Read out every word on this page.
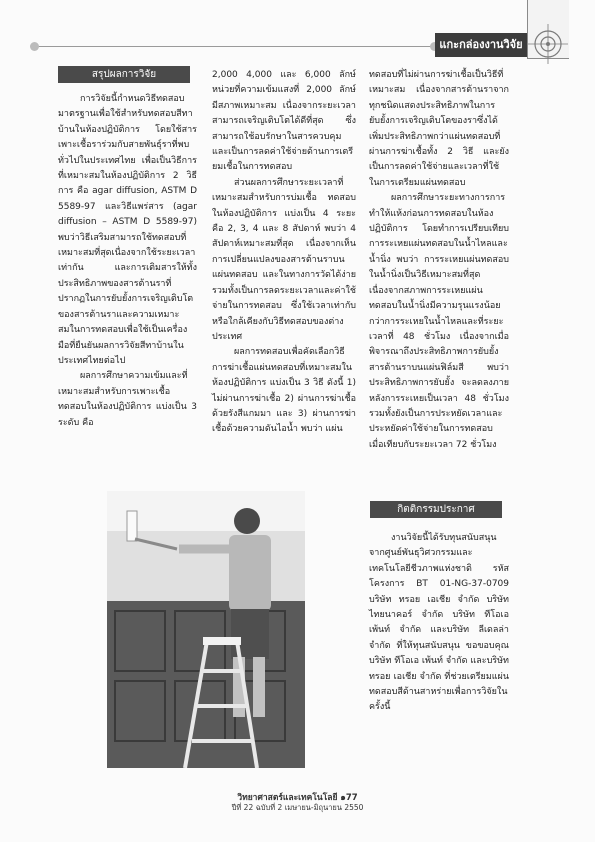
แกะกล่องงานวิจัย
สรุปผลการวิจัย

การวิจัยนี้กำหนดวิธีทดสอบมาตรฐานเพื่อใช้สำหรับทดสอบสีทาบ้านในห้องปฏิบัติการ โดยใช้สารเพาะเชื้อราร่วมกับสายพันธุ์ราที่พบทั่วไปในประเทศไทย เพื่อเป็นวิธีการที่เหมาะสมในห้องปฏิบัติการ 2 วิธีการ คือ agar diffusion, ASTM D 5589-97 และวิธีแพร่สาร (agar diffusion – ASTM D 5589-97) พบว่าวิธีเสริมสามารถใช้ทดสอบที่เหมาะสมที่สุดเนื่องจากใช้ระยะเวลาเท่ากัน และการเติมสารให้ทั้งประสิทธิภาพของสารต้านราที่ปรากฏในการยับยั้งการเจริญเติบโตของสารต้านราและความเหมาะสมในการทดสอบเพื่อใช้เป็นเครื่องมือที่ยืนยันผลการวิจัยสีทาบ้านในประเทศไทยต่อไป

ผลการศึกษาความเข้มและที่เหมาะสมสำหรับการเพาะเชื้อทดสอบในห้องปฏิบัติการ แบ่งเป็น 3 ระดับ คือ

2,000 4,000 และ 6,000 ลักษ์ หน่วยที่ความเข้มแสงที่ 2,000 ลักษ์ มีสภาพเหมาะสม เนื่องจากระยะเวลาสามารถเจริญเติบโตได้ดีที่สุด ซึ่งสามารถใช้อบรักษาในสารควบคุมและเป็นการลดค่าใช้จ่ายด้านการเตรียมเชื้อในการทดสอบ

ส่วนผลการศึกษาระยะเวลาที่เหมาะสมสำหรับการบ่มเชื้อ ทดสอบในห้องปฏิบัติการ แบ่งเป็น 4 ระยะ คือ 2, 3, 4 และ 8 สัปดาห์ พบว่า 4 สัปดาห์เหมาะสมที่สุด เนื่องจากเห็นการเปลี่ยนแปลงของสารต้านราบนแผ่นทดสอบ และในทางการวัดได้ง่าย รวมทั้งเป็นการลดระยะเวลาและค่าใช้จ่ายในการทดสอบ ซึ่งใช้เวลาเท่ากับหรือใกล้เคียงกับวิธีทดสอบของต่างประเทศ

ผลการทดสอบเพื่อคัดเลือกวิธีการฆ่าเชื้อแผ่นทดสอบที่เหมาะสมในห้องปฏิบัติการ แบ่งเป็น 3 วิธี ดังนี้ 1) ไม่ผ่านการฆ่าเชื้อ 2) ผ่านการฆ่าเชื้อด้วยรังสีแกมมา และ 3) ผ่านการฆ่าเชื้อด้วยความดันไอน้ำ พบว่า แผ่น

ทดสอบที่ไม่ผ่านการฆ่าเชื้อเป็นวิธีที่เหมาะสม เนื่องจากสารต้านราจากทุกชนิดแสดงประสิทธิภาพในการยับยั้งการเจริญเติบโตของราซึ่งได้เพิ่มประสิทธิภาพกว่าแผ่นทดสอบที่ผ่านการฆ่าเชื้อทั้ง 2 วิธี และยังเป็นการลดค่าใช้จ่ายและเวลาที่ใช้ในการเตรียมแผ่นทดสอบ

ผลการศึกษาระยะทางการการทำให้แห้งก่อนการทดสอบในห้องปฏิบัติการ โดยทำการเปรียบเทียบการระเหยแผ่นทดสอบในน้ำไหลและน้ำนิ่ง พบว่า การระเหยแผ่นทดสอบในน้ำนิ่งเป็นวิธีเหมาะสมที่สุด เนื่องจากสภาพการระเหยแผ่นทดสอบในน้ำนิ่งมีความรุนแรงน้อยกว่าการระเหยในน้ำไหลและที่ระยะเวลาที่ 48 ชั่วโมง เนื่องจากเมื่อพิจารณาถึงประสิทธิภาพการยับยั้ง สารต้านราบนแผ่นฟิล์มสี พบว่าประสิทธิภาพการยับยั้ง จะลดลงภายหลังการระเหยเป็นเวลา 48 ชั่วโมงรวมทั้งยังเป็นการประหยัดเวลาและประหยัดค่าใช้จ่ายในการทดสอบ เมื่อเทียบกับระยะเวลา 72 ชั่วโมง

กิตติกรรมประกาศ

งานวิจัยนี้ได้รับทุนสนับสนุนจากศูนย์พันธุวิศวกรรมและเทคโนโลยีชีวภาพแห่งชาติ รหัสโครงการ BT 01-NG-37-0709 บริษัท ทรอย เอเชีย จำกัด บริษัท ไทยนาคอร์ จำกัด บริษัท ทีโอเอ เพ้นท์ จำกัด และบริษัท ลีเดลล่า จำกัด ที่ให้ทุนสนับสนุน ขอขอบคุณบริษัท ทีโอเอ เพ้นท์ จำกัด และบริษัท ทรอย เอเชีย จำกัด ที่ช่วยเตรียมแผ่นทดสอบสีด้านสาหร่ายเพื่อการวิจัยในครั้งนี้

วิทยาศาสตร์และเทคโนโลยี ๑77
ปีที่ 22 ฉบับที่ 2 เมษายน-มิถุนายน 2550
